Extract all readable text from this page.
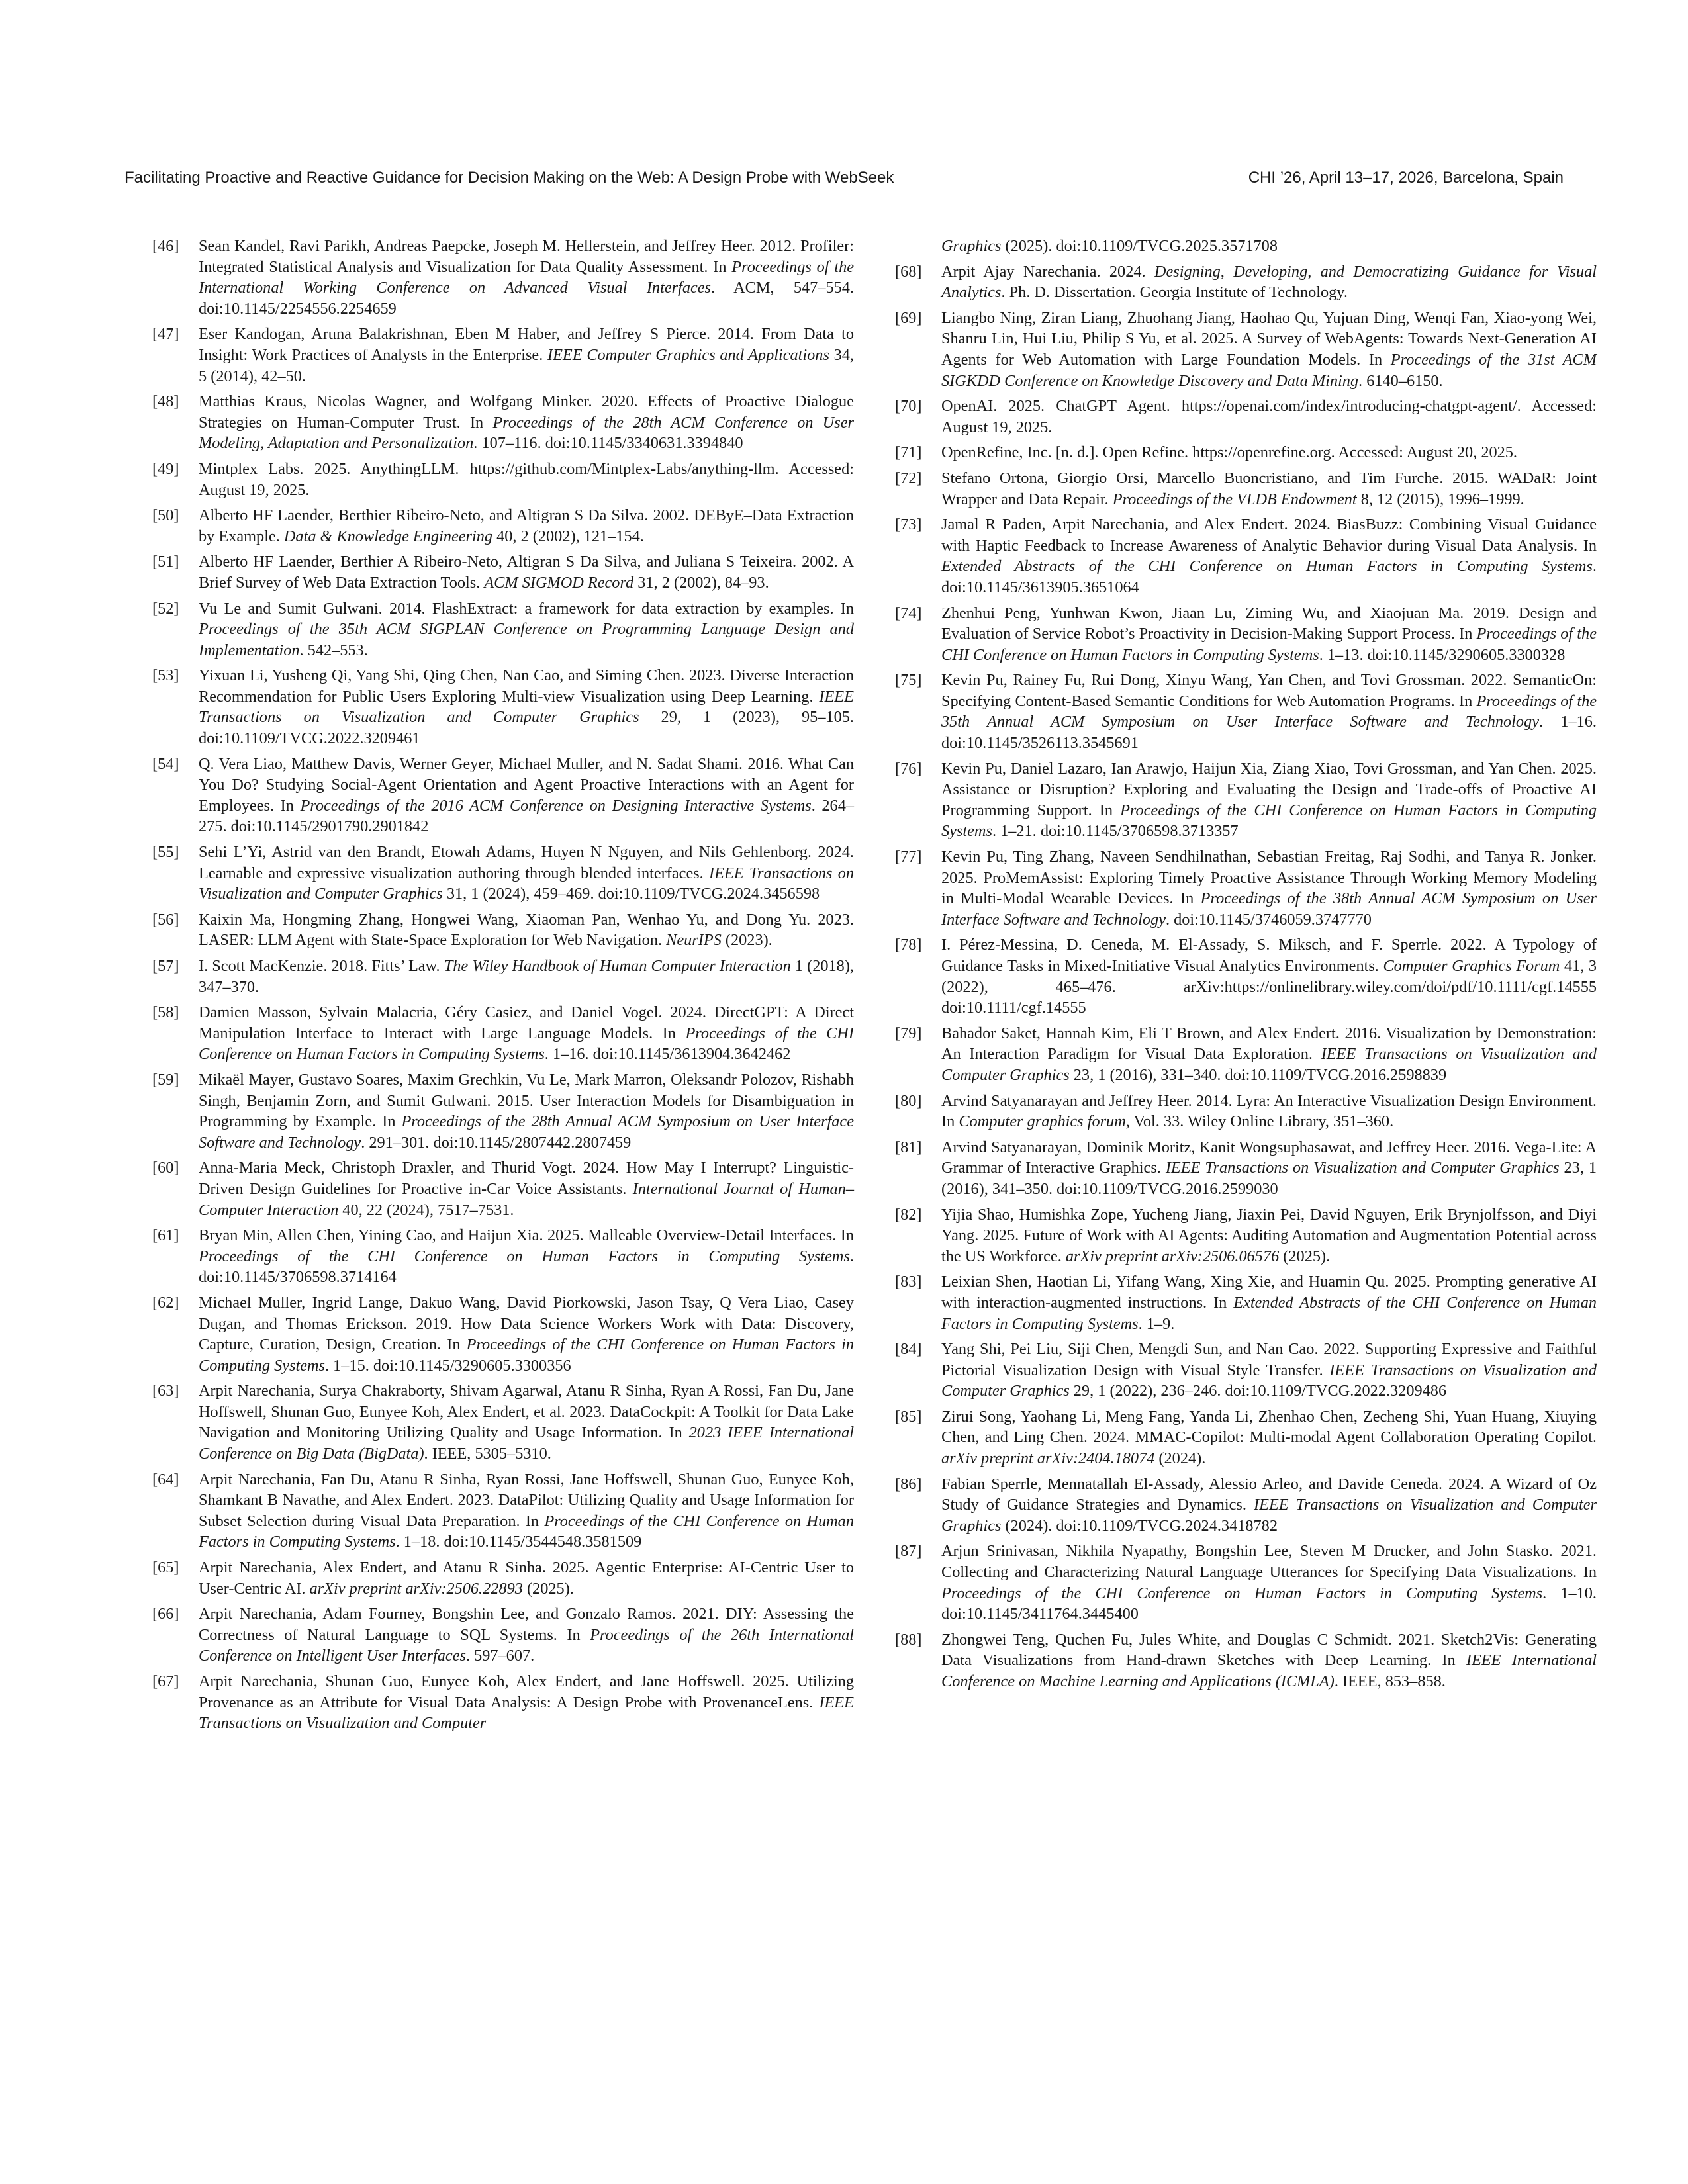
Facilitating Proactive and Reactive Guidance for Decision Making on the Web: A Design Probe with WebSeek	CHI ’26, April 13–17, 2026, Barcelona, Spain
[46] Sean Kandel, Ravi Parikh, Andreas Paepcke, Joseph M. Hellerstein, and Jeffrey Heer. 2012. Profiler: Integrated Statistical Analysis and Visualization for Data Quality Assessment. In Proceedings of the International Working Conference on Advanced Visual Interfaces. ACM, 547–554. doi:10.1145/2254556.2254659
[47] Eser Kandogan, Aruna Balakrishnan, Eben M Haber, and Jeffrey S Pierce. 2014. From Data to Insight: Work Practices of Analysts in the Enterprise. IEEE Computer Graphics and Applications 34, 5 (2014), 42–50.
[48] Matthias Kraus, Nicolas Wagner, and Wolfgang Minker. 2020. Effects of Proactive Dialogue Strategies on Human-Computer Trust. In Proceedings of the 28th ACM Conference on User Modeling, Adaptation and Personalization. 107–116. doi:10.1145/3340631.3394840
[49] Mintplex Labs. 2025. AnythingLLM. https://github.com/Mintplex-Labs/anything-llm. Accessed: August 19, 2025.
[50] Alberto HF Laender, Berthier Ribeiro-Neto, and Altigran S Da Silva. 2002. DEByE–Data Extraction by Example. Data & Knowledge Engineering 40, 2 (2002), 121–154.
[51] Alberto HF Laender, Berthier A Ribeiro-Neto, Altigran S Da Silva, and Juliana S Teixeira. 2002. A Brief Survey of Web Data Extraction Tools. ACM SIGMOD Record 31, 2 (2002), 84–93.
[52] Vu Le and Sumit Gulwani. 2014. FlashExtract: a framework for data extraction by examples. In Proceedings of the 35th ACM SIGPLAN Conference on Programming Language Design and Implementation. 542–553.
[53] Yixuan Li, Yusheng Qi, Yang Shi, Qing Chen, Nan Cao, and Siming Chen. 2023. Diverse Interaction Recommendation for Public Users Exploring Multi-view Visualization using Deep Learning. IEEE Transactions on Visualization and Computer Graphics 29, 1 (2023), 95–105. doi:10.1109/TVCG.2022.3209461
[54] Q. Vera Liao, Matthew Davis, Werner Geyer, Michael Muller, and N. Sadat Shami. 2016. What Can You Do? Studying Social-Agent Orientation and Agent Proactive Interactions with an Agent for Employees. In Proceedings of the 2016 ACM Conference on Designing Interactive Systems. 264–275. doi:10.1145/2901790.2901842
[55] Sehi L’Yi, Astrid van den Brandt, Etowah Adams, Huyen N Nguyen, and Nils Gehlenborg. 2024. Learnable and expressive visualization authoring through blended interfaces. IEEE Transactions on Visualization and Computer Graphics 31, 1 (2024), 459–469. doi:10.1109/TVCG.2024.3456598
[56] Kaixin Ma, Hongming Zhang, Hongwei Wang, Xiaoman Pan, Wenhao Yu, and Dong Yu. 2023. LASER: LLM Agent with State-Space Exploration for Web Navigation. NeurIPS (2023).
[57] I. Scott MacKenzie. 2018. Fitts’ Law. The Wiley Handbook of Human Computer Interaction 1 (2018), 347–370.
[58] Damien Masson, Sylvain Malacria, Géry Casiez, and Daniel Vogel. 2024. DirectGPT: A Direct Manipulation Interface to Interact with Large Language Models. In Proceedings of the CHI Conference on Human Factors in Computing Systems. 1–16. doi:10.1145/3613904.3642462
[59] Mikaël Mayer, Gustavo Soares, Maxim Grechkin, Vu Le, Mark Marron, Oleksandr Polozov, Rishabh Singh, Benjamin Zorn, and Sumit Gulwani. 2015. User Interaction Models for Disambiguation in Programming by Example. In Proceedings of the 28th Annual ACM Symposium on User Interface Software and Technology. 291–301. doi:10.1145/2807442.2807459
[60] Anna-Maria Meck, Christoph Draxler, and Thurid Vogt. 2024. How May I Interrupt? Linguistic-Driven Design Guidelines for Proactive in-Car Voice Assistants. International Journal of Human–Computer Interaction 40, 22 (2024), 7517–7531.
[61] Bryan Min, Allen Chen, Yining Cao, and Haijun Xia. 2025. Malleable Overview-Detail Interfaces. In Proceedings of the CHI Conference on Human Factors in Computing Systems. doi:10.1145/3706598.3714164
[62] Michael Muller, Ingrid Lange, Dakuo Wang, David Piorkowski, Jason Tsay, Q Vera Liao, Casey Dugan, and Thomas Erickson. 2019. How Data Science Workers Work with Data: Discovery, Capture, Curation, Design, Creation. In Proceedings of the CHI Conference on Human Factors in Computing Systems. 1–15. doi:10.1145/3290605.3300356
[63] Arpit Narechania, Surya Chakraborty, Shivam Agarwal, Atanu R Sinha, Ryan A Rossi, Fan Du, Jane Hoffswell, Shunan Guo, Eunyee Koh, Alex Endert, et al. 2023. DataCockpit: A Toolkit for Data Lake Navigation and Monitoring Utilizing Quality and Usage Information. In 2023 IEEE International Conference on Big Data (BigData). IEEE, 5305–5310.
[64] Arpit Narechania, Fan Du, Atanu R Sinha, Ryan Rossi, Jane Hoffswell, Shunan Guo, Eunyee Koh, Shamkant B Navathe, and Alex Endert. 2023. DataPilot: Utilizing Quality and Usage Information for Subset Selection during Visual Data Preparation. In Proceedings of the CHI Conference on Human Factors in Computing Systems. 1–18. doi:10.1145/3544548.3581509
[65] Arpit Narechania, Alex Endert, and Atanu R Sinha. 2025. Agentic Enterprise: AI-Centric User to User-Centric AI. arXiv preprint arXiv:2506.22893 (2025).
[66] Arpit Narechania, Adam Fourney, Bongshin Lee, and Gonzalo Ramos. 2021. DIY: Assessing the Correctness of Natural Language to SQL Systems. In Proceedings of the 26th International Conference on Intelligent User Interfaces. 597–607.
[67] Arpit Narechania, Shunan Guo, Eunyee Koh, Alex Endert, and Jane Hoffswell. 2025. Utilizing Provenance as an Attribute for Visual Data Analysis: A Design Probe with ProvenanceLens. IEEE Transactions on Visualization and Computer
Graphics (2025). doi:10.1109/TVCG.2025.3571708
[68] Arpit Ajay Narechania. 2024. Designing, Developing, and Democratizing Guidance for Visual Analytics. Ph. D. Dissertation. Georgia Institute of Technology.
[69] Liangbo Ning, Ziran Liang, Zhuohang Jiang, Haohao Qu, Yujuan Ding, Wenqi Fan, Xiao-yong Wei, Shanru Lin, Hui Liu, Philip S Yu, et al. 2025. A Survey of WebAgents: Towards Next-Generation AI Agents for Web Automation with Large Foundation Models. In Proceedings of the 31st ACM SIGKDD Conference on Knowledge Discovery and Data Mining. 6140–6150.
[70] OpenAI. 2025. ChatGPT Agent. https://openai.com/index/introducing-chatgpt-agent/. Accessed: August 19, 2025.
[71] OpenRefine, Inc. [n. d.]. Open Refine. https://openrefine.org. Accessed: August 20, 2025.
[72] Stefano Ortona, Giorgio Orsi, Marcello Buoncristiano, and Tim Furche. 2015. WADaR: Joint Wrapper and Data Repair. Proceedings of the VLDB Endowment 8, 12 (2015), 1996–1999.
[73] Jamal R Paden, Arpit Narechania, and Alex Endert. 2024. BiasBuzz: Combining Visual Guidance with Haptic Feedback to Increase Awareness of Analytic Behavior during Visual Data Analysis. In Extended Abstracts of the CHI Conference on Human Factors in Computing Systems. doi:10.1145/3613905.3651064
[74] Zhenhui Peng, Yunhwan Kwon, Jiaan Lu, Ziming Wu, and Xiaojuan Ma. 2019. Design and Evaluation of Service Robot’s Proactivity in Decision-Making Support Process. In Proceedings of the CHI Conference on Human Factors in Computing Systems. 1–13. doi:10.1145/3290605.3300328
[75] Kevin Pu, Rainey Fu, Rui Dong, Xinyu Wang, Yan Chen, and Tovi Grossman. 2022. SemanticOn: Specifying Content-Based Semantic Conditions for Web Automation Programs. In Proceedings of the 35th Annual ACM Symposium on User Interface Software and Technology. 1–16. doi:10.1145/3526113.3545691
[76] Kevin Pu, Daniel Lazaro, Ian Arawjo, Haijun Xia, Ziang Xiao, Tovi Grossman, and Yan Chen. 2025. Assistance or Disruption? Exploring and Evaluating the Design and Trade-offs of Proactive AI Programming Support. In Proceedings of the CHI Conference on Human Factors in Computing Systems. 1–21. doi:10.1145/3706598.3713357
[77] Kevin Pu, Ting Zhang, Naveen Sendhilnathan, Sebastian Freitag, Raj Sodhi, and Tanya R. Jonker. 2025. ProMemAssist: Exploring Timely Proactive Assistance Through Working Memory Modeling in Multi-Modal Wearable Devices. In Proceedings of the 38th Annual ACM Symposium on User Interface Software and Technology. doi:10.1145/3746059.3747770
[78] I. Pérez-Messina, D. Ceneda, M. El-Assady, S. Miksch, and F. Sperrle. 2022. A Typology of Guidance Tasks in Mixed-Initiative Visual Analytics Environments. Computer Graphics Forum 41, 3 (2022), 465–476. arXiv:https://onlinelibrary.wiley.com/doi/pdf/10.1111/cgf.14555 doi:10.1111/cgf.14555
[79] Bahador Saket, Hannah Kim, Eli T Brown, and Alex Endert. 2016. Visualization by Demonstration: An Interaction Paradigm for Visual Data Exploration. IEEE Transactions on Visualization and Computer Graphics 23, 1 (2016), 331–340. doi:10.1109/TVCG.2016.2598839
[80] Arvind Satyanarayan and Jeffrey Heer. 2014. Lyra: An Interactive Visualization Design Environment. In Computer graphics forum, Vol. 33. Wiley Online Library, 351–360.
[81] Arvind Satyanarayan, Dominik Moritz, Kanit Wongsuphasawat, and Jeffrey Heer. 2016. Vega-Lite: A Grammar of Interactive Graphics. IEEE Transactions on Visualization and Computer Graphics 23, 1 (2016), 341–350. doi:10.1109/TVCG.2016.2599030
[82] Yijia Shao, Humishka Zope, Yucheng Jiang, Jiaxin Pei, David Nguyen, Erik Brynjolfsson, and Diyi Yang. 2025. Future of Work with AI Agents: Auditing Automation and Augmentation Potential across the US Workforce. arXiv preprint arXiv:2506.06576 (2025).
[83] Leixian Shen, Haotian Li, Yifang Wang, Xing Xie, and Huamin Qu. 2025. Prompting generative AI with interaction-augmented instructions. In Extended Abstracts of the CHI Conference on Human Factors in Computing Systems. 1–9.
[84] Yang Shi, Pei Liu, Siji Chen, Mengdi Sun, and Nan Cao. 2022. Supporting Expressive and Faithful Pictorial Visualization Design with Visual Style Transfer. IEEE Transactions on Visualization and Computer Graphics 29, 1 (2022), 236–246. doi:10.1109/TVCG.2022.3209486
[85] Zirui Song, Yaohang Li, Meng Fang, Yanda Li, Zhenhao Chen, Zecheng Shi, Yuan Huang, Xiuying Chen, and Ling Chen. 2024. MMAC-Copilot: Multi-modal Agent Collaboration Operating Copilot. arXiv preprint arXiv:2404.18074 (2024).
[86] Fabian Sperrle, Mennatallah El-Assady, Alessio Arleo, and Davide Ceneda. 2024. A Wizard of Oz Study of Guidance Strategies and Dynamics. IEEE Transactions on Visualization and Computer Graphics (2024). doi:10.1109/TVCG.2024.3418782
[87] Arjun Srinivasan, Nikhila Nyapathy, Bongshin Lee, Steven M Drucker, and John Stasko. 2021. Collecting and Characterizing Natural Language Utterances for Specifying Data Visualizations. In Proceedings of the CHI Conference on Human Factors in Computing Systems. 1–10. doi:10.1145/3411764.3445400
[88] Zhongwei Teng, Quchen Fu, Jules White, and Douglas C Schmidt. 2021. Sketch2Vis: Generating Data Visualizations from Hand-drawn Sketches with Deep Learning. In IEEE International Conference on Machine Learning and Applications (ICMLA). IEEE, 853–858.
